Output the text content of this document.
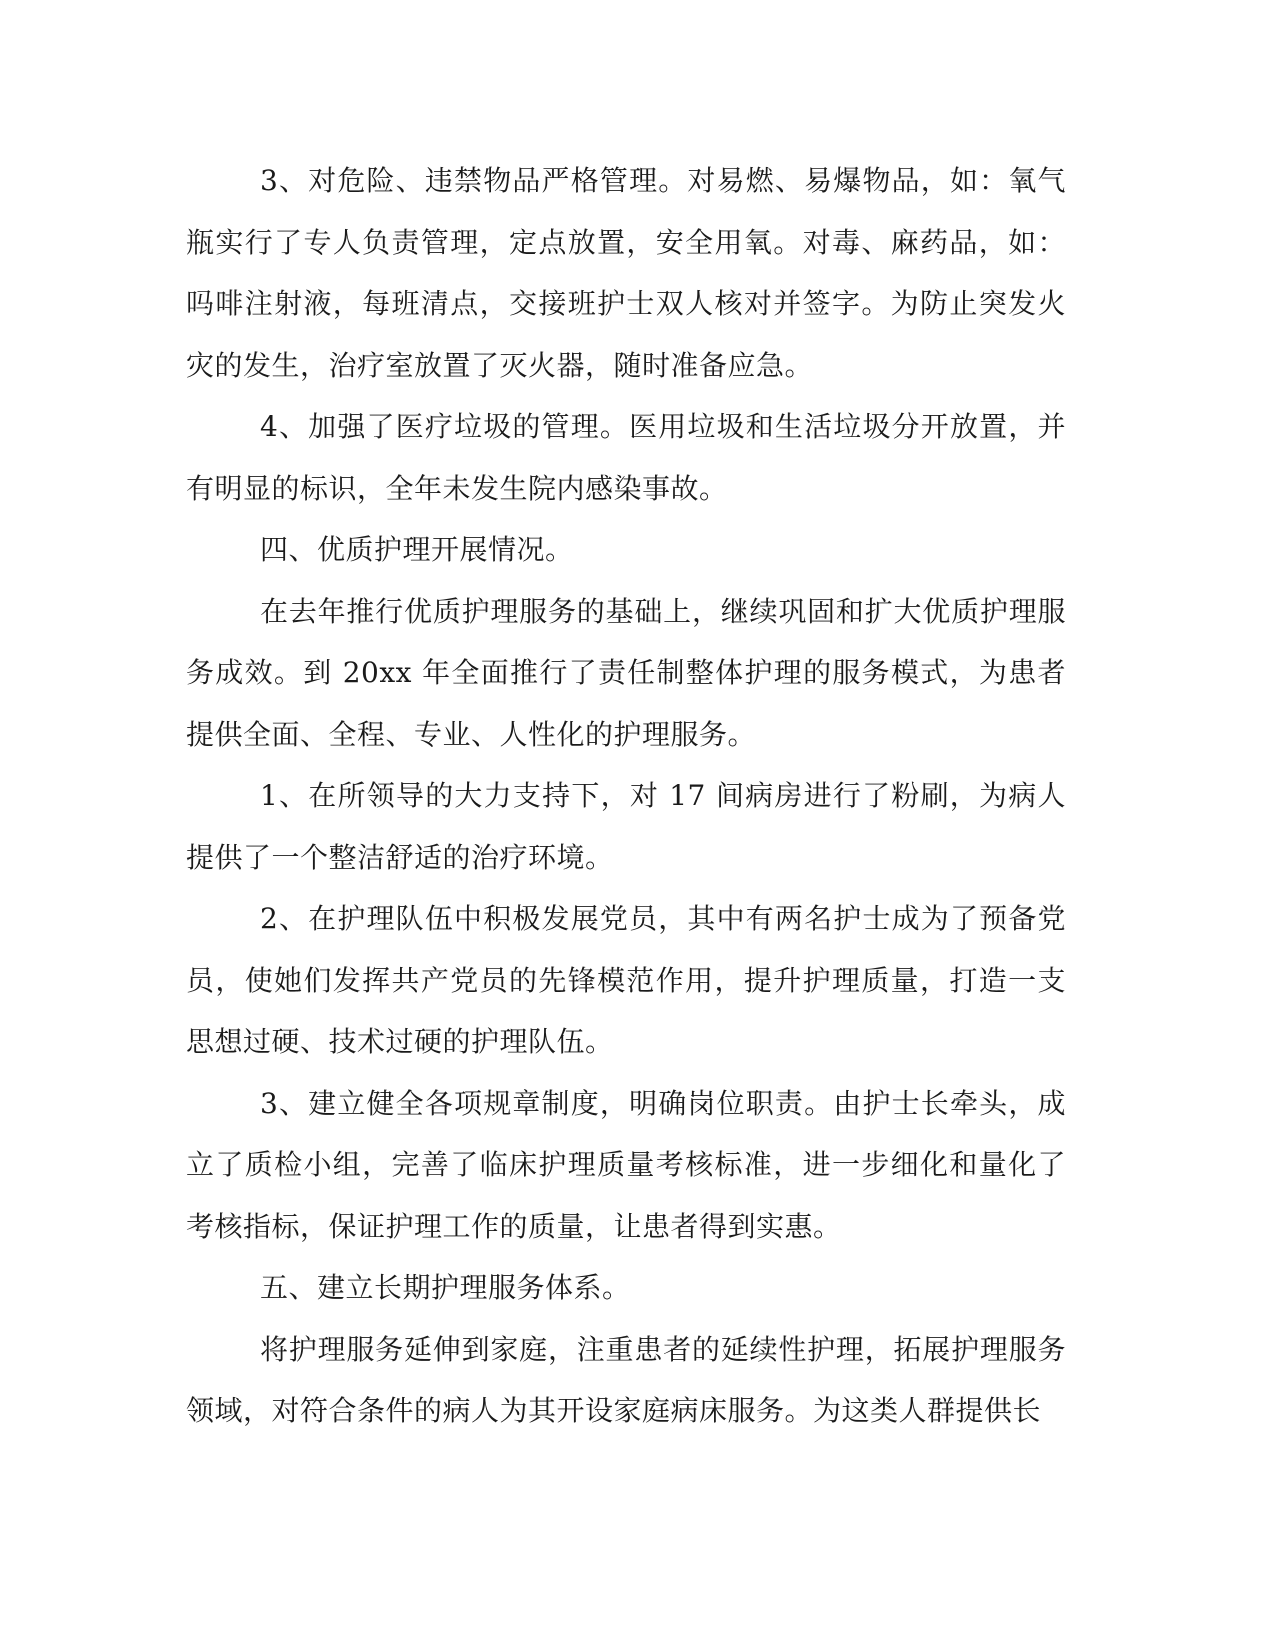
3、对危险、违禁物品严格管理。对易燃、易爆物品，如：氧气瓶实行了专人负责管理，定点放置，安全用氧。对毒、麻药品，如：吗啡注射液，每班清点，交接班护士双人核对并签字。为防止突发火灾的发生，治疗室放置了灭火器，随时准备应急。

4、加强了医疗垃圾的管理。医用垃圾和生活垃圾分开放置，并有明显的标识，全年未发生院内感染事故。

四、优质护理开展情况。

在去年推行优质护理服务的基础上，继续巩固和扩大优质护理服务成效。到 20xx 年全面推行了责任制整体护理的服务模式，为患者提供全面、全程、专业、人性化的护理服务。

1、在所领导的大力支持下，对 17 间病房进行了粉刷，为病人提供了一个整洁舒适的治疗环境。

2、在护理队伍中积极发展党员，其中有两名护士成为了预备党员，使她们发挥共产党员的先锋模范作用，提升护理质量，打造一支思想过硬、技术过硬的护理队伍。

3、建立健全各项规章制度，明确岗位职责。由护士长牵头，成立了质检小组，完善了临床护理质量考核标准，进一步细化和量化了考核指标，保证护理工作的质量，让患者得到实惠。

五、建立长期护理服务体系。

将护理服务延伸到家庭，注重患者的延续性护理，拓展护理服务领域，对符合条件的病人为其开设家庭病床服务。为这类人群提供长
